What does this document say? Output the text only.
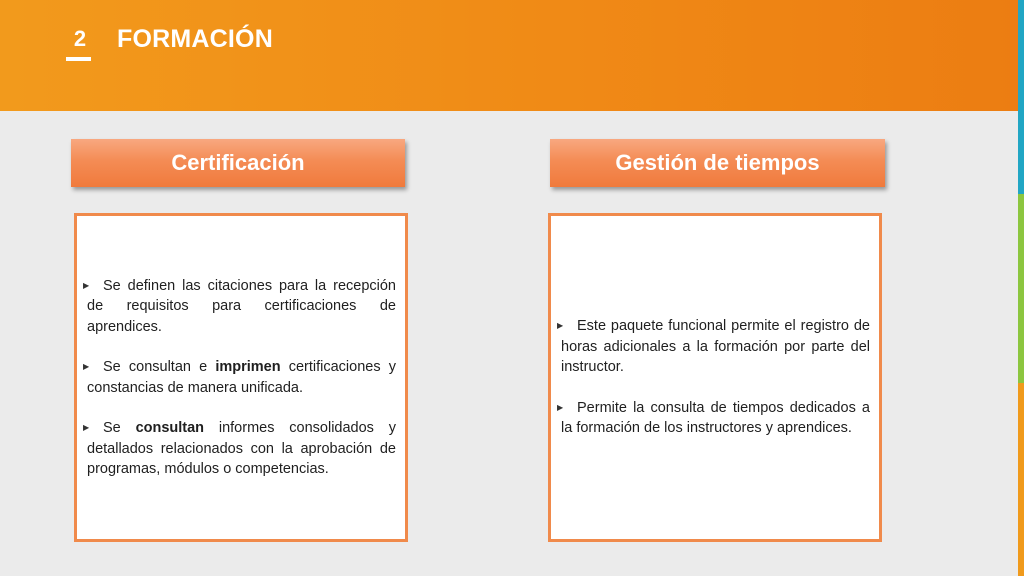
2 FORMACIÓN
Certificación
▶ Se definen las citaciones para la recepción de requisitos para certificaciones de aprendices.
▶ Se consultan e imprimen certificaciones y constancias de manera unificada.
▶ Se consultan informes consolidados y detallados relacionados con la aprobación de programas, módulos o competencias.
Gestión de tiempos
▶ Este paquete funcional permite el registro de horas adicionales a la formación por parte del instructor.
▶ Permite la consulta de tiempos dedicados a la formación de los instructores y aprendices.
